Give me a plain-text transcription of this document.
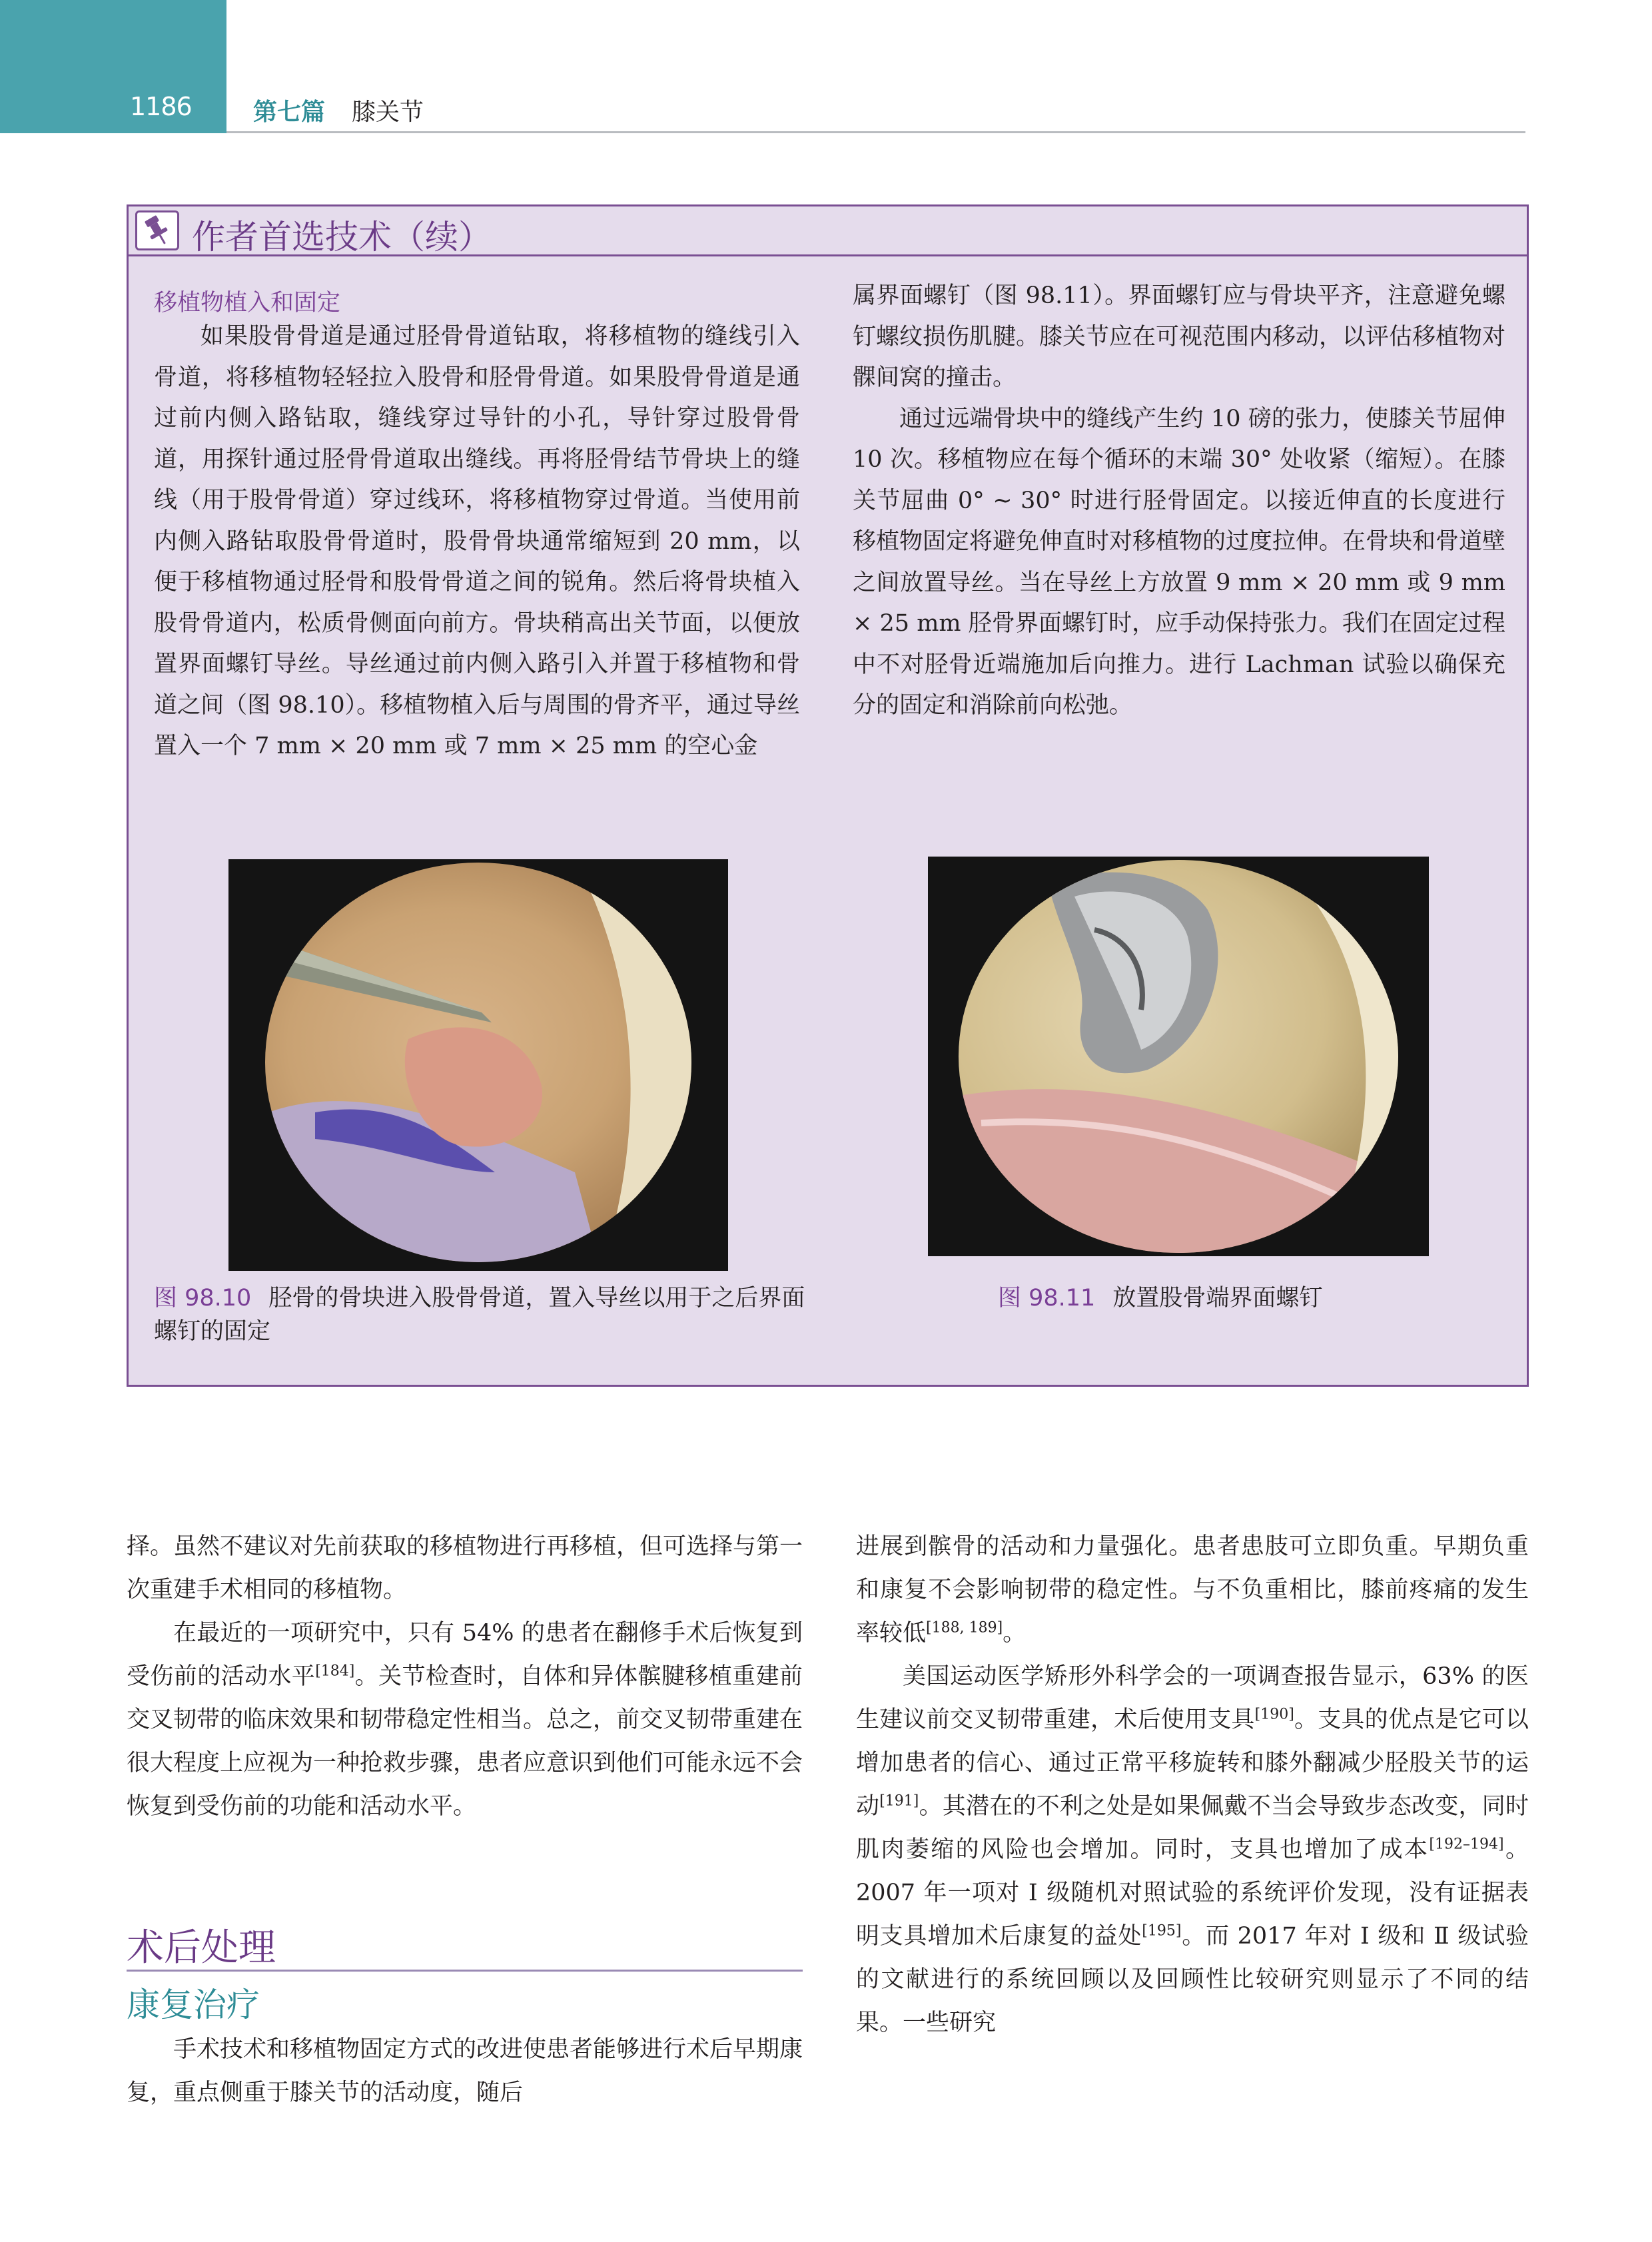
1186	第七篇 膝关节
作者首选技术（续）
移植物植入和固定

如果股骨骨道是通过胫骨骨道钻取，将移植物的缝线引入骨道，将移植物轻轻拉入股骨和胫骨骨道。如果股骨骨道是通过前内侧入路钻取，缝线穿过导针的小孔，导针穿过股骨骨道，用探针通过胫骨骨道取出缝线。再将胫骨结节骨块上的缝线（用于股骨骨道）穿过线环，将移植物穿过骨道。当使用前内侧入路钻取股骨骨道时，股骨骨块通常缩短到 20 mm，以便于移植物通过胫骨和股骨骨道之间的锐角。然后将骨块植入股骨骨道内，松质骨侧面向前方。骨块稍高出关节面，以便放置界面螺钉导丝。导丝通过前内侧入路引入并置于移植物和骨道之间（图 98.10）。移植物植入后与周围的骨齐平，通过导丝置入一个 7 mm × 20 mm 或 7 mm × 25 mm 的空心金

属界面螺钉（图 98.11）。界面螺钉应与骨块平齐，注意避免螺钉螺纹损伤肌腱。膝关节应在可视范围内移动，以评估移植物对髁间窝的撞击。

通过远端骨块中的缝线产生约 10 磅的张力，使膝关节屈伸 10 次。移植物应在每个循环的末端 30° 处收紧（缩短）。在膝关节屈曲 0° ~ 30° 时进行胫骨固定。以接近伸直的长度进行移植物固定将避免伸直时对移植物的过度拉伸。在骨块和骨道壁之间放置导丝。当在导丝上方放置 9 mm × 20 mm 或 9 mm × 25 mm 胫骨界面螺钉时，应手动保持张力。我们在固定过程中不对胫骨近端施加后向推力。进行 Lachman 试验以确保充分的固定和消除前向松弛。

图 98.10 胫骨的骨块进入股骨骨道，置入导丝以用于之后界面螺钉的固定
图 98.11 放置股骨端界面螺钉

择。虽然不建议对先前获取的移植物进行再移植，但可选择与第一次重建手术相同的移植物。

在最近的一项研究中，只有 54% 的患者在翻修手术后恢复到受伤前的活动水平[184]。关节检查时，自体和异体髌腱移植重建前交叉韧带的临床效果和韧带稳定性相当。总之，前交叉韧带重建在很大程度上应视为一种抢救步骤，患者应意识到他们可能永远不会恢复到受伤前的功能和活动水平。

术后处理
康复治疗

手术技术和移植物固定方式的改进使患者能够进行术后早期康复，重点侧重于膝关节的活动度，随后

进展到髌骨的活动和力量强化。患者患肢可立即负重。早期负重和康复不会影响韧带的稳定性。与不负重相比，膝前疼痛的发生率较低[188, 189]。

美国运动医学矫形外科学会的一项调查报告显示，63% 的医生建议前交叉韧带重建，术后使用支具[190]。支具的优点是它可以增加患者的信心、通过正常平移旋转和膝外翻减少胫股关节的运动[191]。其潜在的不利之处是如果佩戴不当会导致步态改变，同时肌肉萎缩的风险也会增加。同时，支具也增加了成本[192–194]。2007 年一项对 Ⅰ 级随机对照试验的系统评价发现，没有证据表明支具增加术后康复的益处[195]。而 2017 年对 Ⅰ 级和 Ⅱ 级试验的文献进行的系统回顾以及回顾性比较研究则显示了不同的结果。一些研究
